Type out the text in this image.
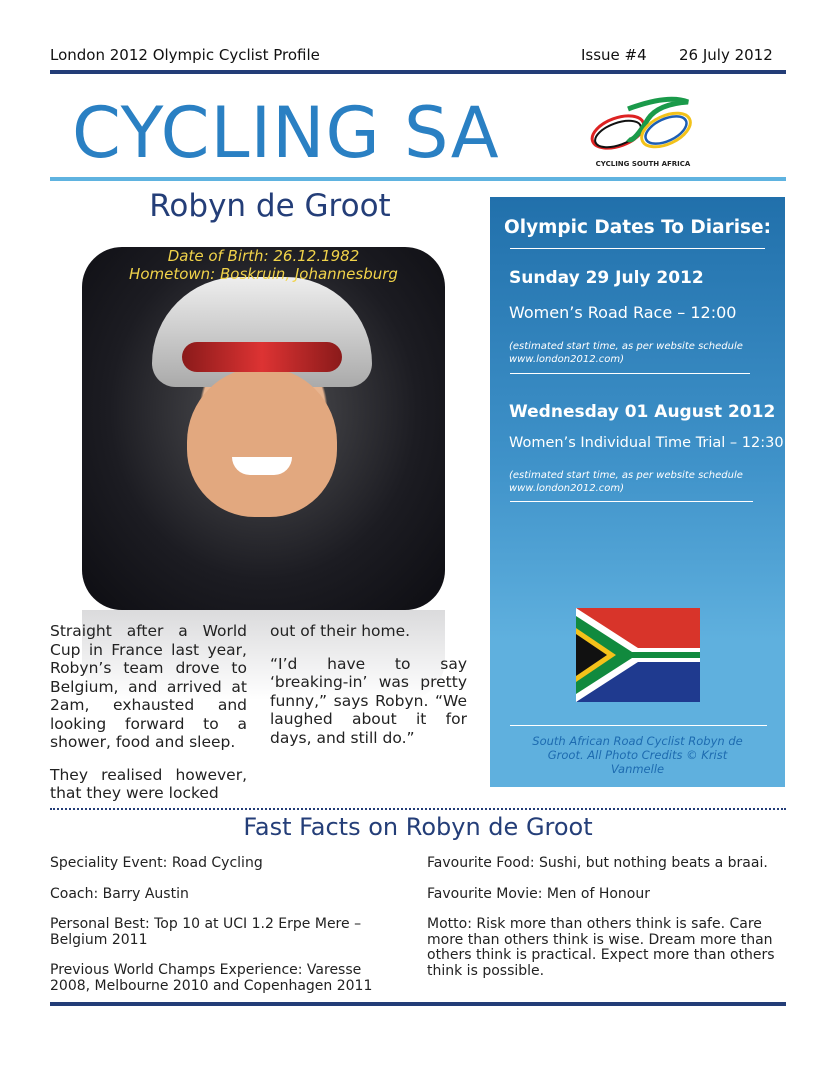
London 2012 Olympic Cyclist Profile	Issue #4 26 July 2012
CYCLING SA	CYCLING SOUTH AFRICA
Robyn de Groot
Date of Birth: 26.12.1982
Hometown: Boskruin, Johannesburg

Straight after a World Cup in France last year, Robyn’s team drove to Belgium, and arrived at 2am, exhausted and looking forward to a shower, food and sleep.

They realised however, that they were locked

out of their home.

“I’d have to say ‘breaking-in’ was pretty funny,” says Robyn. “We laughed about it for days, and still do.”

Olympic Dates To Diarise:
Sunday 29 July 2012
Women’s Road Race – 12:00
(estimated start time, as per website schedule www.london2012.com)
Wednesday 01 August 2012
Women’s Individual Time Trial – 12:30
(estimated start time, as per website schedule www.london2012.com)
South African Road Cyclist Robyn de Groot. All Photo Credits © Krist Vanmelle
Fast Facts on Robyn de Groot

Speciality Event: Road Cycling

Coach: Barry Austin

Personal Best: Top 10 at UCI 1.2 Erpe Mere – Belgium 2011

Previous World Champs Experience: Varesse 2008, Melbourne 2010 and Copenhagen 2011

Favourite Food: Sushi, but nothing beats a braai.

Favourite Movie: Men of Honour

Motto: Risk more than others think is safe. Care more than others think is wise. Dream more than others think is practical. Expect more than others think is possible.
